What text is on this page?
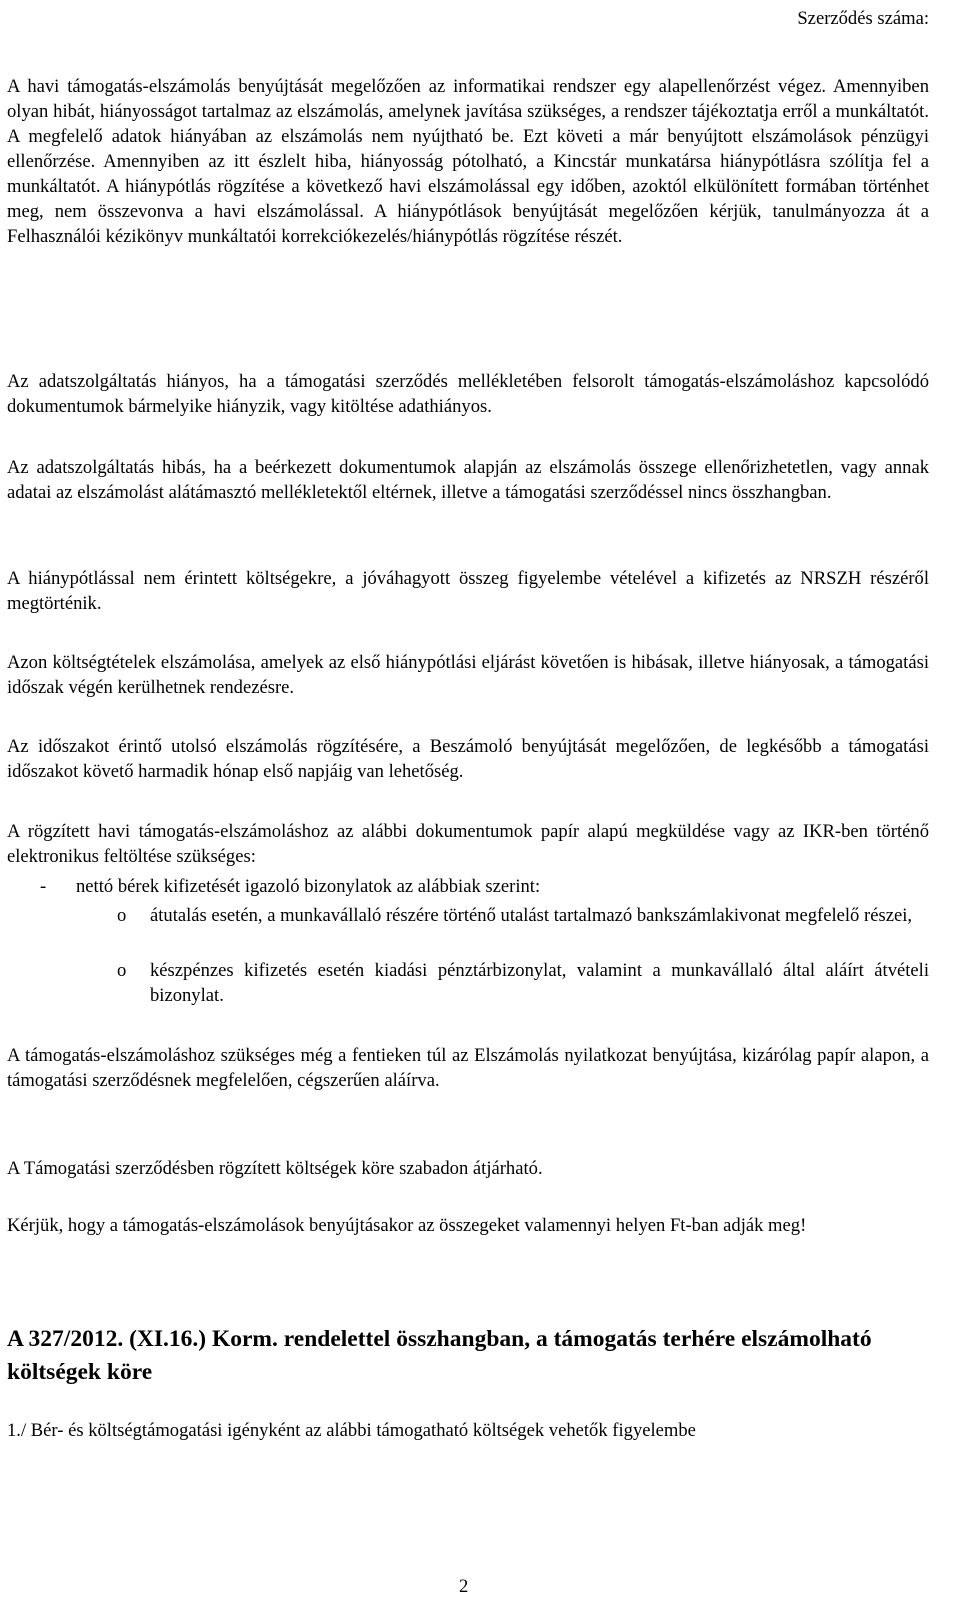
Szerződés száma:

A havi támogatás-elszámolás benyújtását megelőzően az informatikai rendszer egy alapellenőrzést végez. Amennyiben olyan hibát, hiányosságot tartalmaz az elszámolás, amelynek javítása szükséges, a rendszer tájékoztatja erről a munkáltatót. A megfelelő adatok hiányában az elszámolás nem nyújtható be. Ezt követi a már benyújtott elszámolások pénzügyi ellenőrzése. Amennyiben az itt észlelt hiba, hiányosság pótolható, a Kincstár munkatársa hiánypótlásra szólítja fel a munkáltatót. A hiánypótlás rögzítése a következő havi elszámolással egy időben, azoktól elkülönített formában történhet meg, nem összevonva a havi elszámolással. A hiánypótlások benyújtását megelőzően kérjük, tanulmányozza át a Felhasználói kézikönyv munkáltatói korrekciókezelés/hiánypótlás rögzítése részét.

Az adatszolgáltatás hiányos, ha a támogatási szerződés mellékletében felsorolt támogatás-elszámoláshoz kapcsolódó dokumentumok bármelyike hiányzik, vagy kitöltése adathiányos.

Az adatszolgáltatás hibás, ha a beérkezett dokumentumok alapján az elszámolás összege ellenőrizhetetlen, vagy annak adatai az elszámolást alátámasztó mellékletektől eltérnek, illetve a támogatási szerződéssel nincs összhangban.

A hiánypótlással nem érintett költségekre, a jóváhagyott összeg figyelembe vételével a kifizetés az NRSZH részéről megtörténik.

Azon költségtételek elszámolása, amelyek az első hiánypótlási eljárást követően is hibásak, illetve hiányosak, a támogatási időszak végén kerülhetnek rendezésre.

Az időszakot érintő utolsó elszámolás rögzítésére, a Beszámoló benyújtását megelőzően, de legkésőbb a támogatási időszakot követő harmadik hónap első napjáig van lehetőség.

A rögzített havi támogatás-elszámoláshoz az alábbi dokumentumok papír alapú megküldése vagy az IKR-ben történő elektronikus feltöltése szükséges:

- nettó bérek kifizetését igazoló bizonylatok az alábbiak szerint:
o átutalás esetén, a munkavállaló részére történő utalást tartalmazó bankszámlakivonat megfelelő részei,
o készpénzes kifizetés esetén kiadási pénztárbizonylat, valamint a munkavállaló által aláírt átvételi bizonylat.

A támogatás-elszámoláshoz szükséges még a fentieken túl az Elszámolás nyilatkozat benyújtása, kizárólag papír alapon, a támogatási szerződésnek megfelelően, cégszerűen aláírva.

A Támogatási szerződésben rögzített költségek köre szabadon átjárható.

Kérjük, hogy a támogatás-elszámolások benyújtásakor az összegeket valamennyi helyen Ft-ban adják meg!

A 327/2012. (XI.16.) Korm. rendelettel összhangban, a támogatás terhére elszámolható költségek köre

1./ Bér- és költségtámogatási igényként az alábbi támogatható költségek vehetők figyelembe

2
